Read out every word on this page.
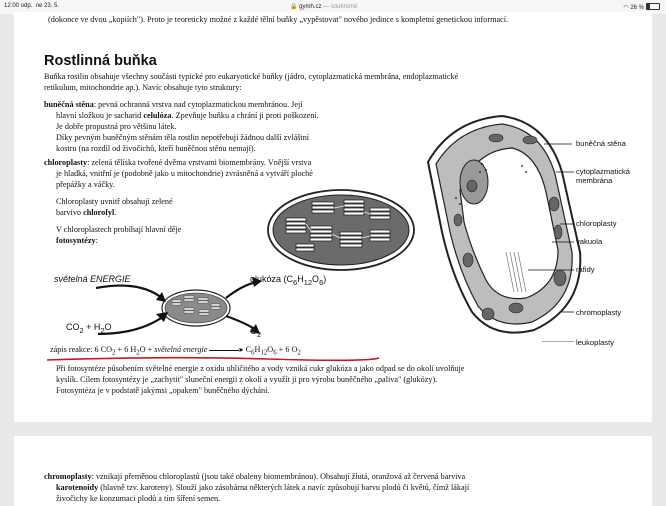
12:00 odp. ne 23. 5.	🔒 gymh.cz — soukromé	◠ 26 %
(dokonce ve dvou „kopiích"). Proto je teoreticky možné z každé tělní buňky „vypěstovat" nového jedince s kompletní genetickou informací.
Rostlinná buňka
Buňka rostlin obsahuje všechny součásti typické pro eukaryotické buňky (jádro, cytoplazmatická membrána, endoplazmatické
retikulum, mitochondrie ap.). Navíc obsahuje tyto struktury:
buněčná stěna: pevná ochranná vrstva nad cytoplazmatickou membránou. Její
hlavní složkou je sacharid celulóza. Zpevňuje buňku a chrání ji proti poškození.
Je dobře propustná pro většinu látek.
Díky pevným buněčným stěnám těla rostlin nepotřebují žádnou další zvláštní
kostru (na rozdíl od živočichů, kteří buněčnou stěnu nemají).
chloroplasty: zelená tělíska tvořené dvěma vrstvami biomembrány. Vnější vrstva
je hladká, vnitřní je (podobně jako u mitochondrie) zvrásněná a vytváří ploché
přepážky a váčky.
Chloroplasty uvnitř obsahují zelené
barvivo chlorofyl.
V chloroplastech probíhají hlavní děje
fotosyntézy:
světelná ENERGIE	glukóza $(C_6H_{12}O_6)$
$CO_2 + H_2O$	$O_2$
zápis reakce: 6 $CO_2 + 6$ $H_2O$ + světelná energie	▸ $C_6H_{12}O_6 + 6$ $O_2$
Při fotosyntéze působením světelné energie z oxidu uhličitého a vody vzniká cukr glukóza a jako odpad se do okolí uvolňuje
kyslík. Cílem fotosyntézy je „zachytit" sluneční energii z okolí a využít ji pro výrobu buněčného „paliva" (glukózy).
Fotosyntéza je v podstatě jakýmsi „opakem" buněčného dýchání.
buněčná stěna
cytoplazmatická
membrána
chloroplasty
vakuola
rafidy
chromoplasty
leukoplasty
chromoplasty: vznikají přeměnou chloroplastů (jsou také obaleny biomembránou). Obsahují žlutá, oranžová až červená barviva
karotenoidy (hlavně tzv. karoteny). Slouží jako zásobárna některých látek a navíc způsobují barvu plodů či květů, čímž lákají
živočichy ke konzumaci plodů a tím šíření semen.
